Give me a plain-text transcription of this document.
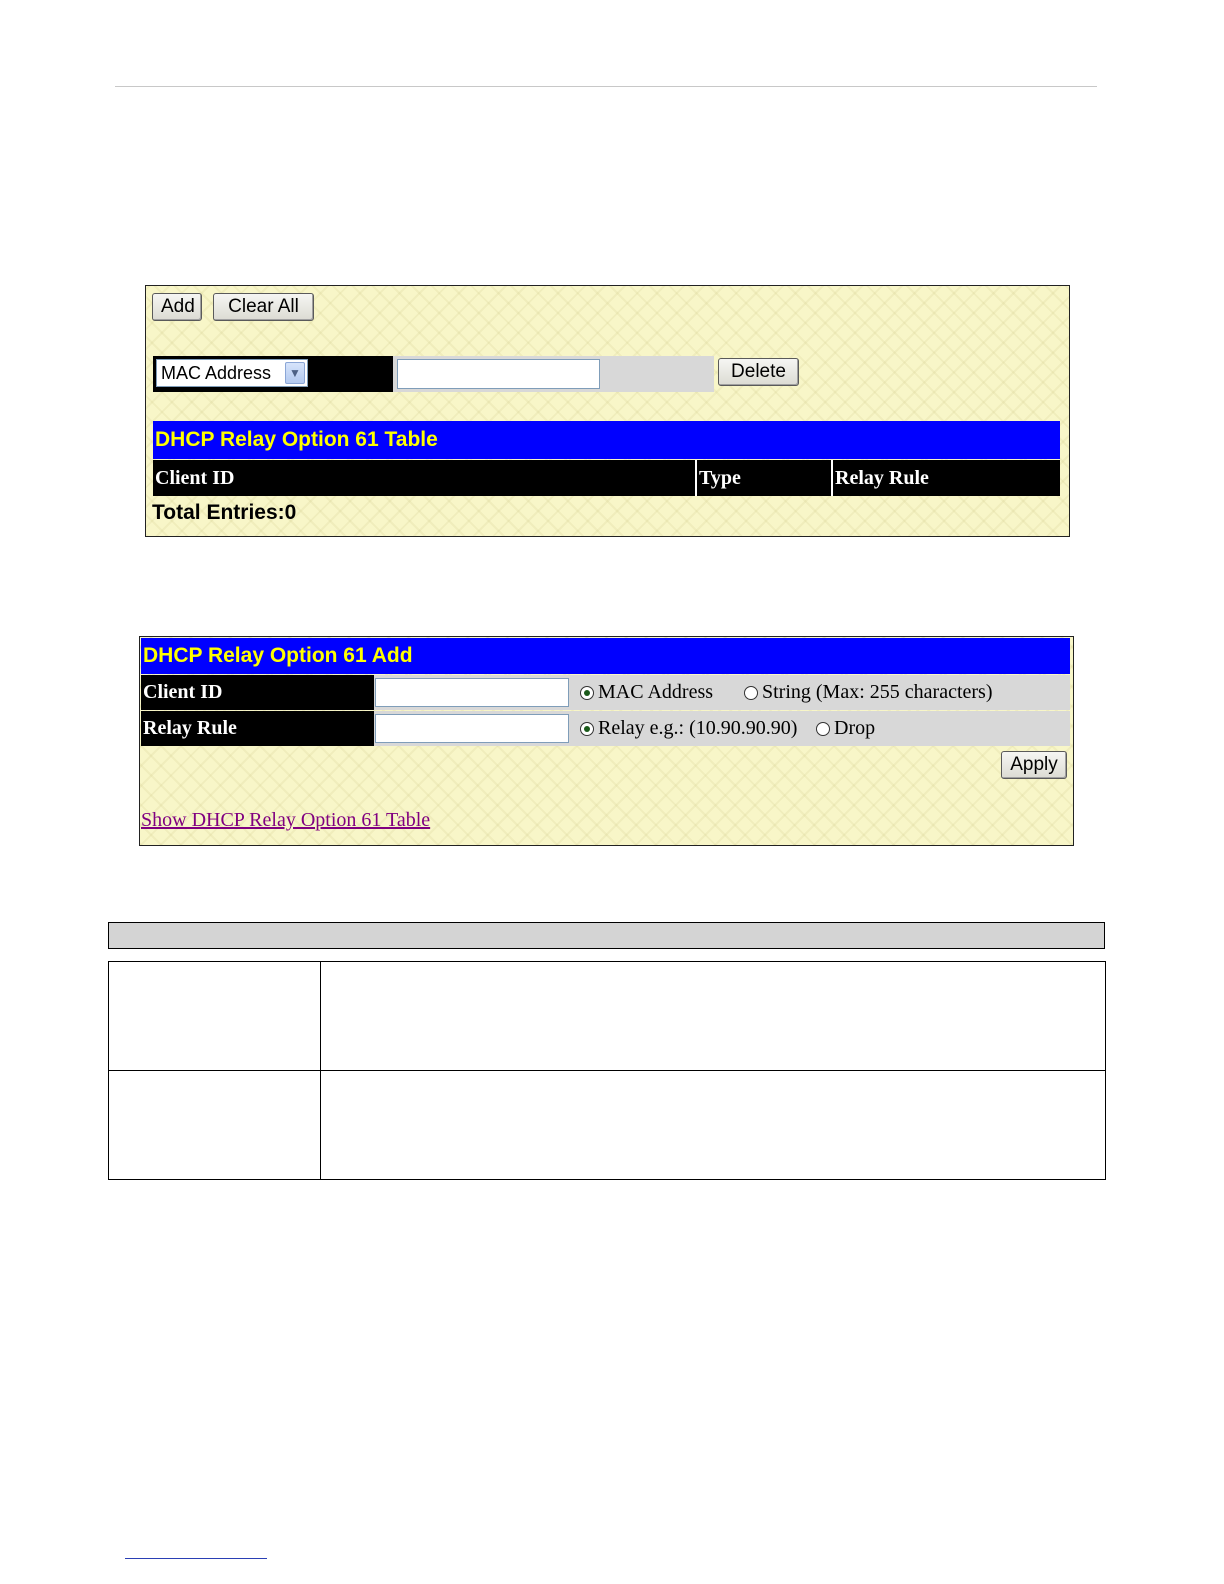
Add	Clear All
MAC Address	▼	Delete
DHCP Relay Option 61 Table
Client ID	Type	Relay Rule
Total Entries:0
DHCP Relay Option 61 Add
Client ID	MAC Address String (Max: 255 characters)
Relay Rule	Relay e.g.: (10.90.90.90) Drop
Apply
Show DHCP Relay Option 61 Table
